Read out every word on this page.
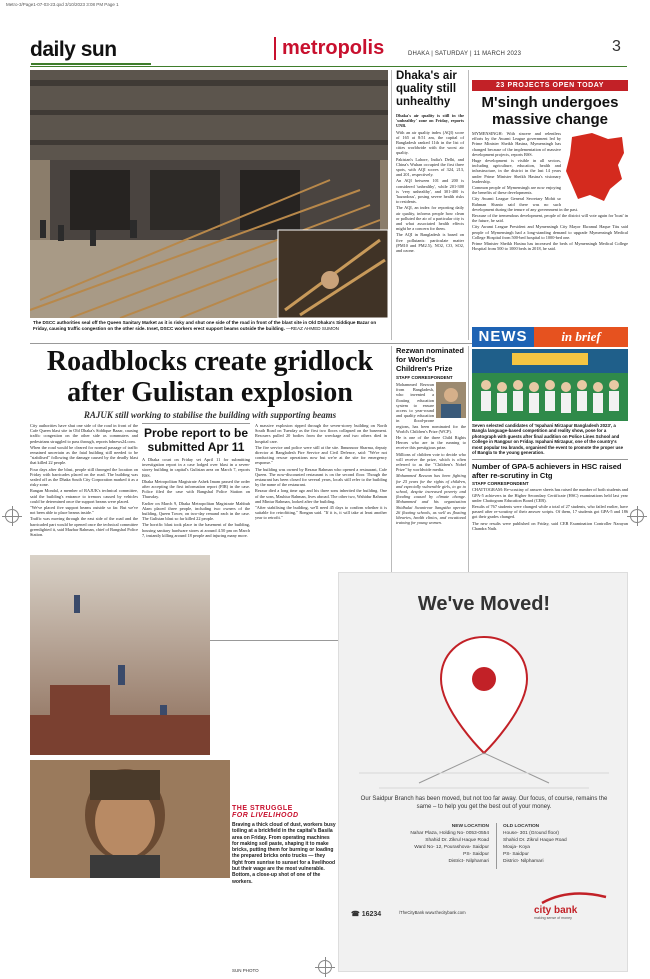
Metro-3/Page1-07-03-23.qxd 3/10/2023 3:08 PM Page 1
daily sun	metropolis	DHAKA | SATURDAY | 11 MARCH 2023	3
The DSCC authorities seal off the Queen Sanitary Market as it is risky and shut one side of the road in front of the blast site in Old Dhaka's Siddique Bazar on Friday, causing traffic congestion on the other side. Inset, DSCC workers erect support beams outside the building. —REAZ AHMED SUMON
Dhaka's air quality still unhealthy

Dhaka's air quality is still in the 'unhealthy' zone on Friday, reports UNB.

With an air quality index (AQI) score of 165 at 8:51 am, the capital of Bangladesh ranked 11th in the list of cities worldwide with the worst air quality.

Pakistan's Lahore, India's Delhi, and China's Wuhan occupied the first three spots, with AQI scores of 324, 213, and 201, respectively.

An AQI between 101 and 200 is considered 'unhealthy', while 201-300 is 'very unhealthy', and 301-400 is 'hazardous', posing severe health risks to residents.

The AQI, an index for reporting daily air quality, informs people how clean or polluted the air of a particular city is and what associated health effects might be a concern for them.

The AQI in Bangladesh is based on five pollutants: particulate matter (PM10 and PM2.5), NO2, CO, SO2, and ozone.

23 PROJECTS OPEN TODAY
M'singh undergoes massive change

MYMENSINGH: With sincere and relentless efforts by the Awami League government led by Prime Minister Sheikh Hasina, Mymensingh has changed because of the implementation of massive development projects, reports BSS.

Huge development is visible in all sectors, including agriculture, education, health and infrastructure, in the district in the last 14 years under Prime Minister Sheikh Hasina's visionary leadership.

Common people of Mymensingh are now enjoying the benefits of these developments.

City Awami League General Secretary Mohit ur Rahman Shanto said there was no such development during the tenure of any government in the past.

Because of the tremendous development, people of the district will vote again for 'boat' in the future, he said.

City Awami League President and Mymensingh City Mayor Ekramul Haque Titu said people of Mymensingh had a long-standing demand to upgrade Mymensingh Medical College Hospital from 500-bed hospital to 1000-bed one.

Prime Minister Sheikh Hasina has increased the beds of Mymensingh Medical College Hospital from 500 to 1000 beds in 2018, he said.

Roadblocks create gridlock
after Gulistan explosion
RAJUK still working to stabilise the building with supporting beams

City authorities have shut one side of the road in front of the Cafe Queen blast site in Old Dhaka's Siddique Bazar, causing traffic congestion on the other side as commuters and pedestrians struggled to pass through, reports bdnews24.com.

When the road would be cleared for normal passage of traffic remained uncertain as the fatal building still needed to be "stabilised" following the damage caused by the deadly blast that killed 22 people.

Four days after the blast, people still thronged the location on Friday with barricades placed on the road. The building was sealed off as the Dhaka South City Corporation marked it as a risky zone.

Rangan Mondal, a member of RAJUK's technical committee, said the building's entrance to tremors caused by vehicles could be determined once the support beams were placed.

"We've placed five support beams outside so far. But we've not been able to place beams inside."

Traffic was moving through the east side of the road and the barricaded part would be opened once the technical committee greenlighted it, said Mazhar Rahman, chief of Bangshal Police Station.

Probe report to be submitted Apr 11

A Dhaka court on Friday set April 11 for submitting investigation report in a case lodged over blast in a seven-storey building in capital's Gulistan area on March 7, reports BSS.

Dhaka Metropolitan Magistrate Ashek Imam passed the order after accepting the first information report (FIR) in the case. Police filed the case with Bangshal Police Station on Thursday.

Earlier on March 9, Dhaka Metropolitan Magistrate Mahbub Alam placed three people, including two owners of the building, Queen Tower, on two-day remand each in the case. The Gulistan blast so far killed 22 people.

The horrific blast took place in the basement of the building, housing sanitary hardware stores at around 4.50 pm on March 7, instantly killing around 18 people and injuring many more.

A massive explosion ripped through the seven-storey building on North South Road on Tuesday as the first two floors collapsed on the basement. Rescuers pulled 20 bodies from the wreckage and two others died in hospital care.

The fire service and police were still at the site. Ibnunnoor Sharma, deputy director at Bangladesh Fire Service and Civil Defence, said: "We're not conducting rescue operations now but we're at the site for emergency response."

The building was owned by Rezaur Rahman who opened a restaurant, Cafe Queen. The now-discounted restaurant is on the second floor. Though the restaurant has been closed for several years, locals still refer to the building by the name of the restaurant.

Rezaur died a long time ago and his three sons inherited the building. One of the sons, Mashiur Rahman, lives abroad. The other two, Wahidur Rahman and Mintur Rahman, looked after the building.

"After stabilising the building, we'll need 45 days to confirm whether it is suitable for retrofitting," Rongan said. "If it is, it will take at least another year to retrofit."

Rezwan nominated for World's Children's Prize
STAFF CORRESPONDENT

Mohammed Rezwan from Bangladesh, who invented a floating education system to ensure access to year-round and quality education in flood-prone regions, has been nominated for the World's Children's Prize (WCP).

He is one of the three Child Rights Heroes who are in the running to receive this prestigious prize.

Millions of children vote to decide who will receive the prize, which is often referred to as the "Children's Nobel Prize" by worldwide media.

Mohammed Rezwan has been fighting for 25 years for the rights of children, and especially vulnerable girls, to go to school, despite increased poverty and flooding caused by climate change. Mohammed and his organisation Shidhulai Swanirvar Sangstha operate 26 floating schools, as well as floating libraries, health clinics, and vocational training for young women.

NEWS	in brief
Seven selected candidates of 'Ispahani Mirzapur Bangladesh 2023', a Bangla language-based competition and reality show, pose for a photograph with guests after final audition on Police Lines School and College in Rangpur on Friday. Ispahani Mirzapur, one of the country's most popular tea brands, organised the event to promote the proper use of Bangla to the young generation.
Number of GPA-5 achievers in HSC raised after re-scrutiny in Ctg
STAFF CORRESPONDENT

CHATTOGRAM: Re-scrutiny of answer sheets has raised the number of both students and GPA-5 achievers in the Higher Secondary Certificate (HSC) examinations held last year under Chattogram Education Board (CEB).

Results of 767 students were changed while a total of 27 students, who failed earlier, have passed after re-scrutiny of their answer scripts. Of them, 17 students got GPA-5 and 186 got their grades changed.

The new results were published on Friday, said CEB Examination Controller Narayan Chandra Nath.

THE STRUGGLE
FOR LIVELIHOOD
Braving a thick cloud of dust, workers busy toiling at a brickfield in the capital's Basila area on Friday. From operating machines for making soil paste, shaping it to make bricks, putting them for burning or loading the prepared bricks onto trucks — they fight from sunrise to sunset for a livelihood but their wage are the most vulnerable. Bottom, a close-up shot of one of the workers.
SUN PHOTO
We've Moved!
Our Saidpur Branch has been moved, but not too far away. Our focus, of course, remains the same – to help you get the best out of your money.
NEW LOCATION
Nahar Plaza, Holding No- 0053-0554
Shahid Dr. Zikrul Haque Road
Ward No- 12, Pourashova- Saidpur
PS- Saidpur
District- Nilphamari
OLD LOCATION
House- 301 (Ground floor)
Shahid Dr. Zikrul Haque Road
Mouja- Koya
PS- Saidpur
District- Nilphamari
☎ 16234	/TheCityBank www.thecitybank.com	city bank
making sense of money
